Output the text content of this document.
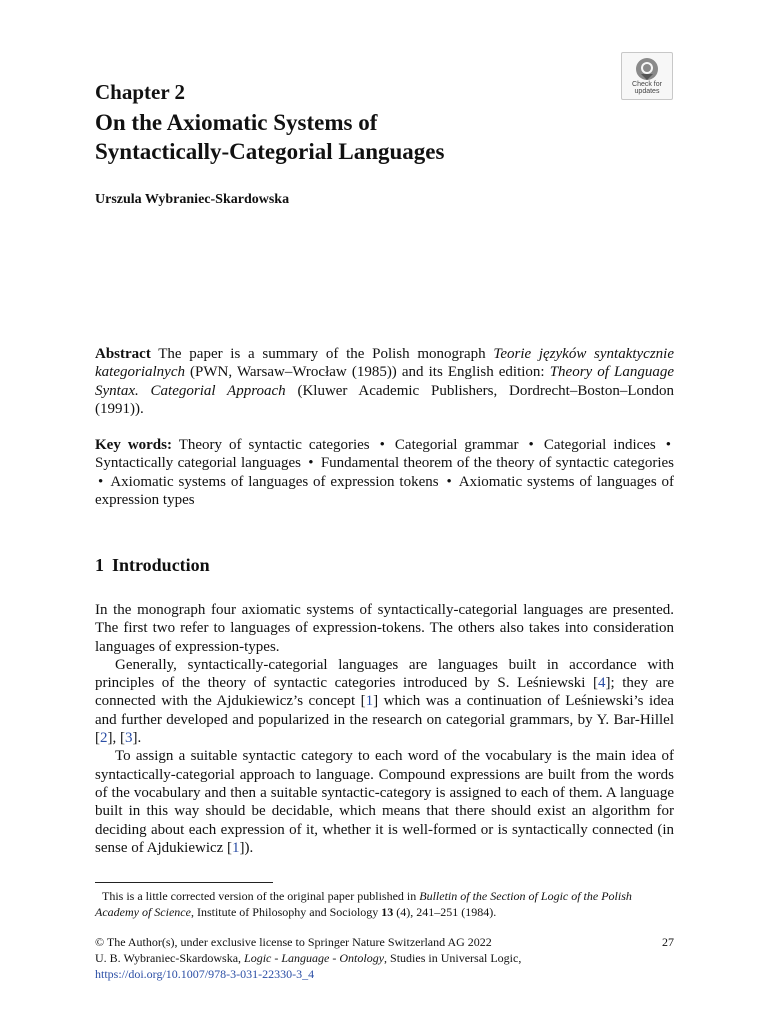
Check for
updates
Chapter 2
On the Axiomatic Systems of
Syntactically-Categorial Languages
Urszula Wybraniec-Skardowska
Abstract The paper is a summary of the Polish monograph Teorie języków syntaktycznie kategorialnych (PWN, Warsaw–Wrocław (1985)) and its English edition: Theory of Language Syntax. Categorial Approach (Kluwer Academic Publishers, Dordrecht–Boston–London (1991)).
Key words: Theory of syntactic categories • Categorial grammar • Categorial indices • Syntactically categorial languages • Fundamental theorem of the theory of syntactic categories • Axiomatic systems of languages of expression tokens • Axiomatic systems of languages of expression types
1 Introduction

In the monograph four axiomatic systems of syntactically-categorial languages are presented. The first two refer to languages of expression-tokens. The others also takes into consideration languages of expression-types.

Generally, syntactically-categorial languages are languages built in accordance with principles of the theory of syntactic categories introduced by S. Leśniewski [4]; they are connected with the Ajdukiewicz’s concept [1] which was a continuation of Leśniewski’s idea and further developed and popularized in the research on categorial grammars, by Y. Bar-Hillel [2], [3].

To assign a suitable syntactic category to each word of the vocabulary is the main idea of syntactically-categorial approach to language. Compound expressions are built from the words of the vocabulary and then a suitable syntactic-category is assigned to each of them. A language built in this way should be decidable, which means that there should exist an algorithm for deciding about each expression of it, whether it is well-formed or is syntactically connected (in sense of Ajdukiewicz [1]).

This is a little corrected version of the original paper published in Bulletin of the Section of Logic of the Polish Academy of Science, Institute of Philosophy and Sociology 13 (4), 241–251 (1984).
© The Author(s), under exclusive license to Springer Nature Switzerland AG 2022	27
U. B. Wybraniec-Skardowska, Logic - Language - Ontology, Studies in Universal Logic,
https://doi.org/10.1007/978-3-031-22330-3_4
